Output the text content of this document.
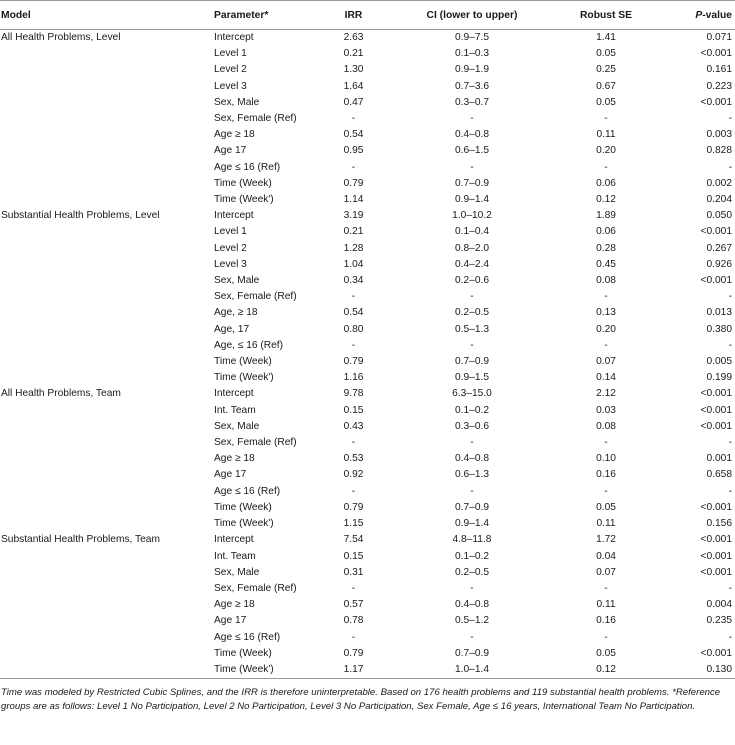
Model	Parameter*	IRR	CI (lower to upper)	Robust SE	P-value
All Health Problems, Level	Intercept	2.63	0.9–7.5	1.41	0.071
	Level 1	0.21	0.1–0.3	0.05	<0.001
	Level 2	1.30	0.9–1.9	0.25	0.161
	Level 3	1.64	0.7–3.6	0.67	0.223
	Sex, Male	0.47	0.3–0.7	0.05	<0.001
	Sex, Female (Ref)	-	-	-	-
	Age ≥ 18	0.54	0.4–0.8	0.11	0.003
	Age 17	0.95	0.6–1.5	0.20	0.828
	Age ≤ 16 (Ref)	-	-	-	-
	Time (Week)	0.79	0.7–0.9	0.06	0.002
	Time (Week')	1.14	0.9–1.4	0.12	0.204
Substantial Health Problems, Level	Intercept	3.19	1.0–10.2	1.89	0.050
	Level 1	0.21	0.1–0.4	0.06	<0.001
	Level 2	1.28	0.8–2.0	0.28	0.267
	Level 3	1.04	0.4–2.4	0.45	0.926
	Sex, Male	0.34	0.2–0.6	0.08	<0.001
	Sex, Female (Ref)	-	-	-	-
	Age, ≥ 18	0.54	0.2–0.5	0.13	0.013
	Age, 17	0.80	0.5–1.3	0.20	0.380
	Age, ≤ 16 (Ref)	-	-	-	-
	Time (Week)	0.79	0.7–0.9	0.07	0.005
	Time (Week')	1.16	0.9–1.5	0.14	0.199
All Health Problems, Team	Intercept	9.78	6.3–15.0	2.12	<0.001
	Int. Team	0.15	0.1–0.2	0.03	<0.001
	Sex, Male	0.43	0.3–0.6	0.08	<0.001
	Sex, Female (Ref)	-	-	-	-
	Age ≥ 18	0.53	0.4–0.8	0.10	0.001
	Age 17	0.92	0.6–1.3	0.16	0.658
	Age ≤ 16 (Ref)	-	-	-	-
	Time (Week)	0.79	0.7–0.9	0.05	<0.001
	Time (Week')	1.15	0.9–1.4	0.11	0.156
Substantial Health Problems, Team	Intercept	7.54	4.8–11.8	1.72	<0.001
	Int. Team	0.15	0.1–0.2	0.04	<0.001
	Sex, Male	0.31	0.2–0.5	0.07	<0.001
	Sex, Female (Ref)	-	-	-	-
	Age ≥ 18	0.57	0.4–0.8	0.11	0.004
	Age 17	0.78	0.5–1.2	0.16	0.235
	Age ≤ 16 (Ref)	-	-	-	-
	Time (Week)	0.79	0.7–0.9	0.05	<0.001
	Time (Week')	1.17	1.0–1.4	0.12	0.130
Time was modeled by Restricted Cubic Splines, and the IRR is therefore uninterpretable. Based on 176 health problems and 119 substantial health problems. *Reference groups are as follows: Level 1 No Participation, Level 2 No Participation, Level 3 No Participation, Sex Female, Age ≤ 16 years, International Team No Participation.
